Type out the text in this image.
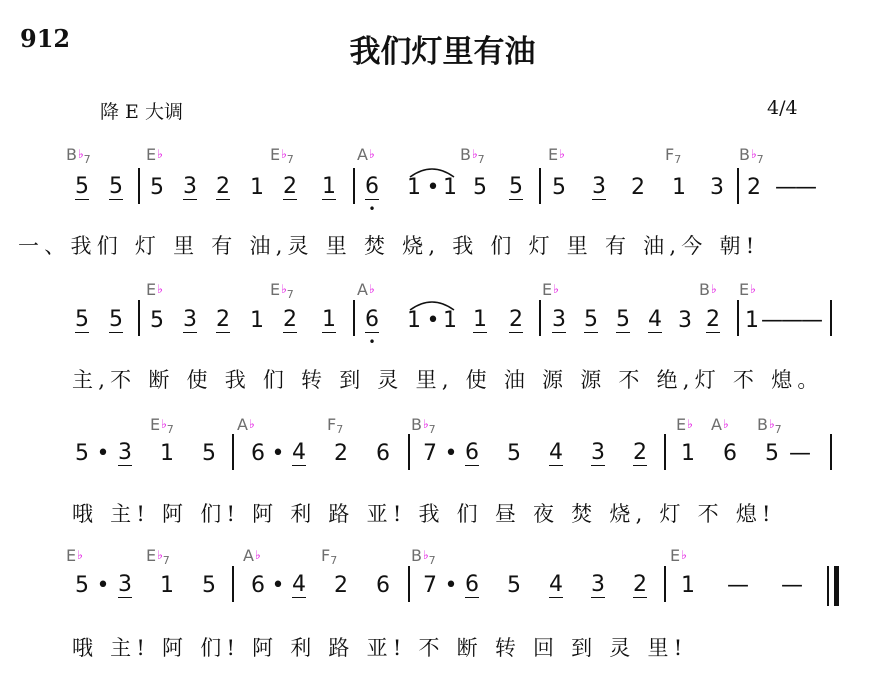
912	我们灯里有油
降 E 大调	4/4
$B^♭_7$	E♭	$E^♭_7$	A♭	$B^♭_7$	E♭	$F_7$	$B^♭_7$
5 5 5 3 2 1 2 1 6 • 1 • 1 5 5 5 3 2 1 3 2 —
—
E♭	$E^♭_7$	A♭	E♭	B♭ E♭
5 5 5 3 2 1 2 1 6 • 1 • 1 1 2 3 5 5 4 3 2 1 —
—
—
$E^♭_7$	A♭	$F_7$	$B^♭_7$	E♭ A♭ $B^♭_7$
5 • 3 1 5 6 • 4 2 6 7 • 6 5 4 3 2 1 6 5 —
E♭	$E^♭_7$	A♭	$F_7$	$B^♭_7$	E♭
5 • 3 1 5 6 • 4 2 6 7 • 6 5 4 3 2 1 — —
一、我们 灯 里 有 油,灵 里 焚 烧, 我 们 灯 里 有 油,今 朝!
主,不 断 使 我 们 转 到 灵 里, 使 油 源 源 不 绝,灯 不 熄。
哦 主! 阿 们! 阿 利 路 亚! 我 们 昼 夜 焚 烧, 灯 不 熄!
哦 主! 阿 们! 阿 利 路 亚! 不 断 转 回 到 灵 里!
